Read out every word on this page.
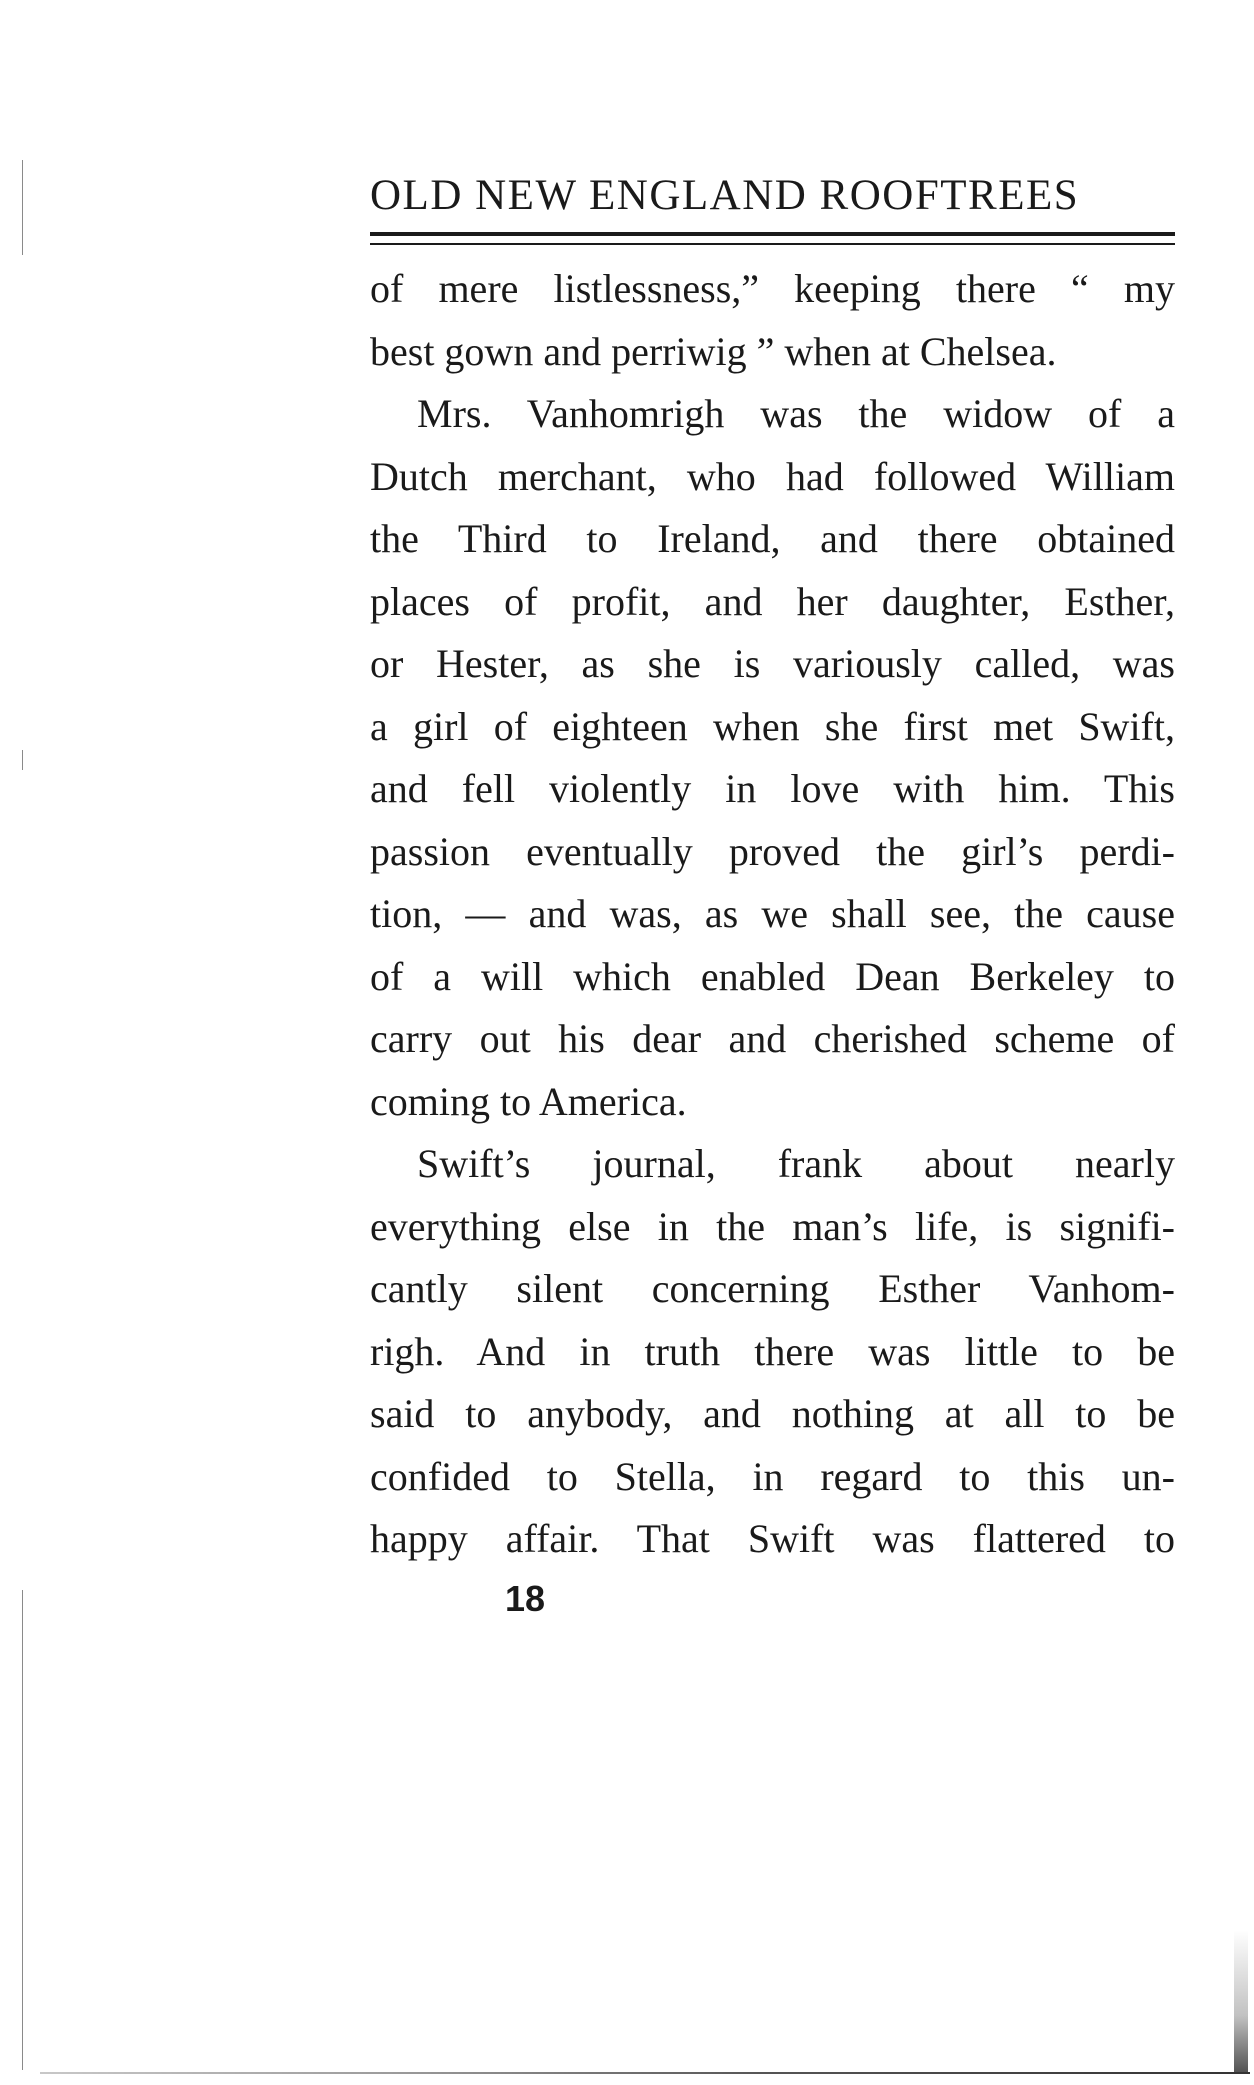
OLD NEW ENGLAND ROOFTREES
of mere listlessness,” keeping there “ my
best gown and perriwig ” when at Chelsea.
Mrs. Vanhomrigh was the widow of a
Dutch merchant, who had followed William
the Third to Ireland, and there obtained
places of profit, and her daughter, Esther,
or Hester, as she is variously called, was
a girl of eighteen when she first met Swift,
and fell violently in love with him. This
passion eventually proved the girl’s perdi-
tion, — and was, as we shall see, the cause
of a will which enabled Dean Berkeley to
carry out his dear and cherished scheme of
coming to America.
Swift’s journal, frank about nearly
everything else in the man’s life, is signifi-
cantly silent concerning Esther Vanhom-
righ. And in truth there was little to be
said to anybody, and nothing at all to be
confided to Stella, in regard to this un-
happy affair. That Swift was flattered to
18
